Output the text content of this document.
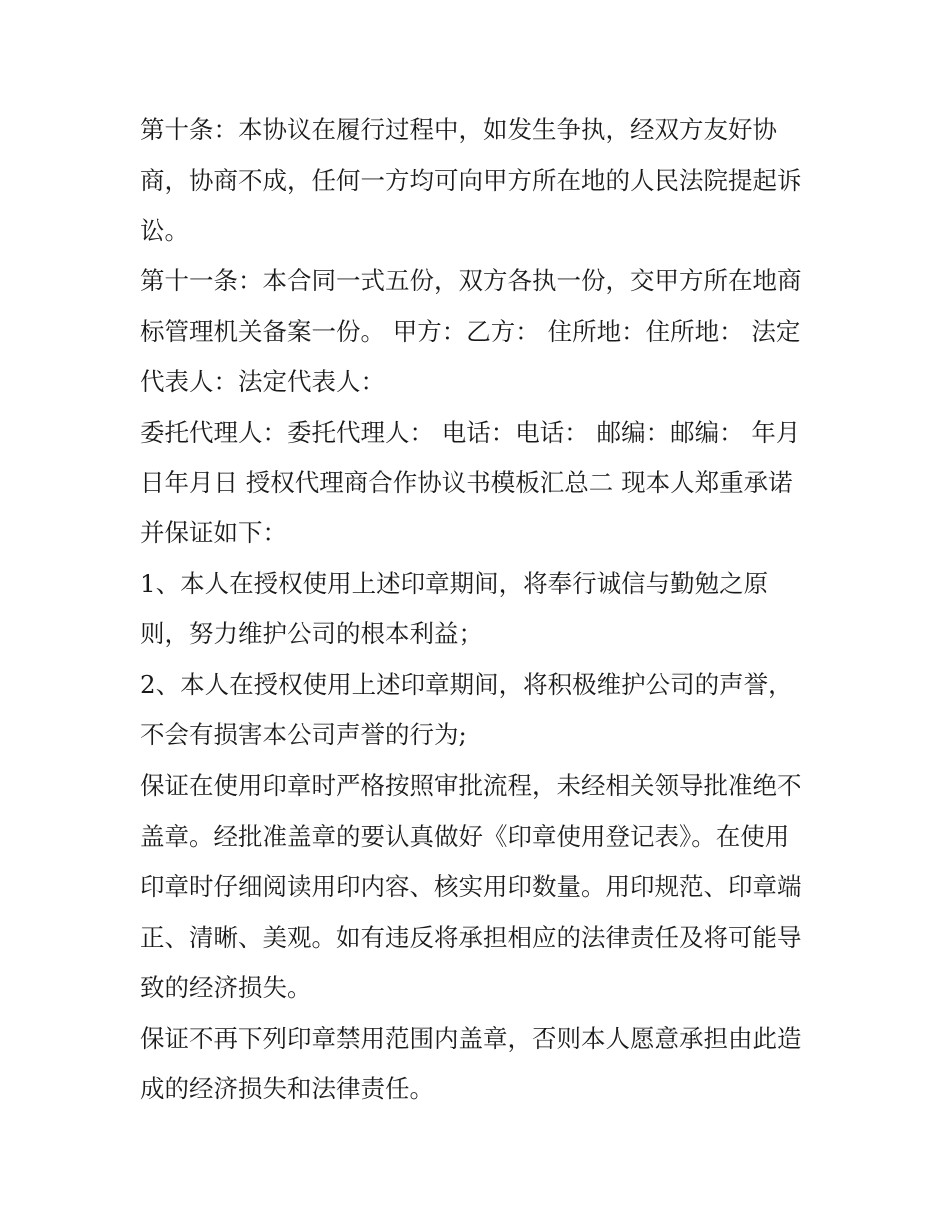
第十条：本协议在履行过程中，如发生争执，经双方友好协
商，协商不成，任何一方均可向甲方所在地的人民法院提起诉
讼。
第十一条：本合同一式五份，双方各执一份，交甲方所在地商
标管理机关备案一份。 甲方：乙方： 住所地：住所地： 法定
代表人：法定代表人：
委托代理人：委托代理人： 电话：电话： 邮编：邮编： 年月
日年月日 授权代理商合作协议书模板汇总二 现本人郑重承诺
并保证如下：
1、本人在授权使用上述印章期间，将奉行诚信与勤勉之原
则，努力维护公司的根本利益；
2、本人在授权使用上述印章期间，将积极维护公司的声誉，
不会有损害本公司声誉的行为;
保证在使用印章时严格按照审批流程，未经相关领导批准绝不
盖章。经批准盖章的要认真做好《印章使用登记表》。在使用
印章时仔细阅读用印内容、核实用印数量。用印规范、印章端
正、清晰、美观。如有违反将承担相应的法律责任及将可能导
致的经济损失。
保证不再下列印章禁用范围内盖章，否则本人愿意承担由此造
成的经济损失和法律责任。
